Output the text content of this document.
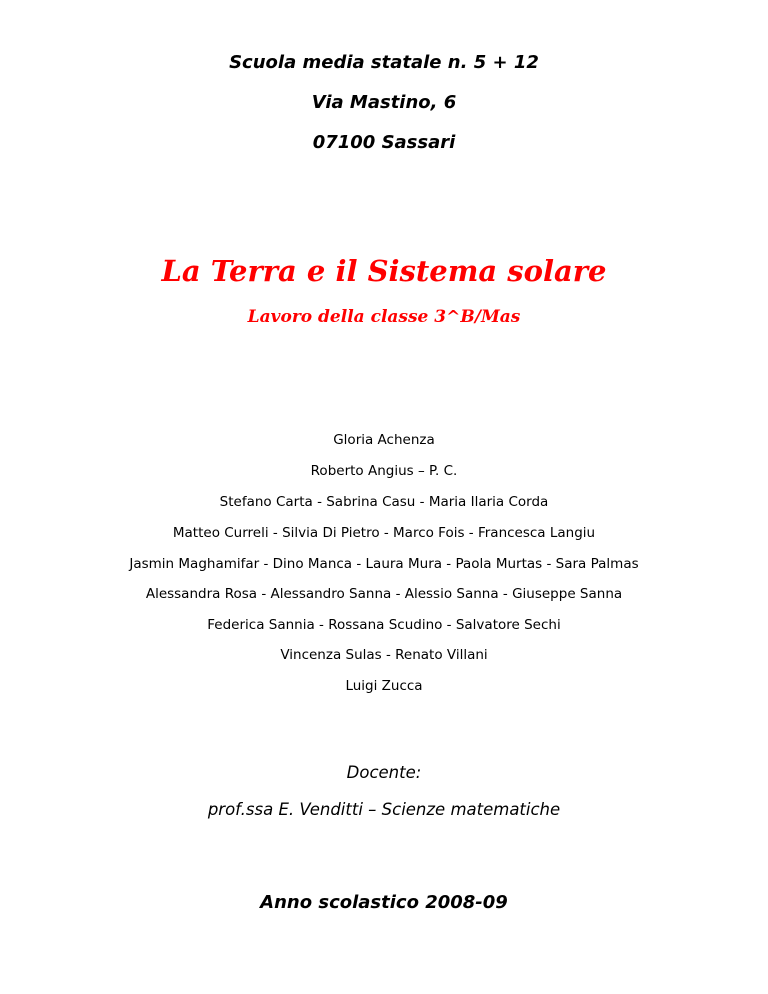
Scuola media statale n. 5 + 12
Via Mastino, 6
07100 Sassari
La Terra e il Sistema solare
Lavoro della classe 3^B/Mas
Gloria Achenza
Roberto Angius – P. C.
Stefano Carta - Sabrina Casu - Maria Ilaria Corda
Matteo Curreli - Silvia Di Pietro - Marco Fois - Francesca Langiu
Jasmin Maghamifar - Dino Manca - Laura Mura - Paola Murtas - Sara Palmas
Alessandra Rosa - Alessandro Sanna - Alessio Sanna - Giuseppe Sanna
Federica Sannia - Rossana Scudino - Salvatore Sechi
Vincenza Sulas - Renato Villani
Luigi Zucca
Docente:
prof.ssa E. Venditti – Scienze matematiche
Anno scolastico 2008-09
